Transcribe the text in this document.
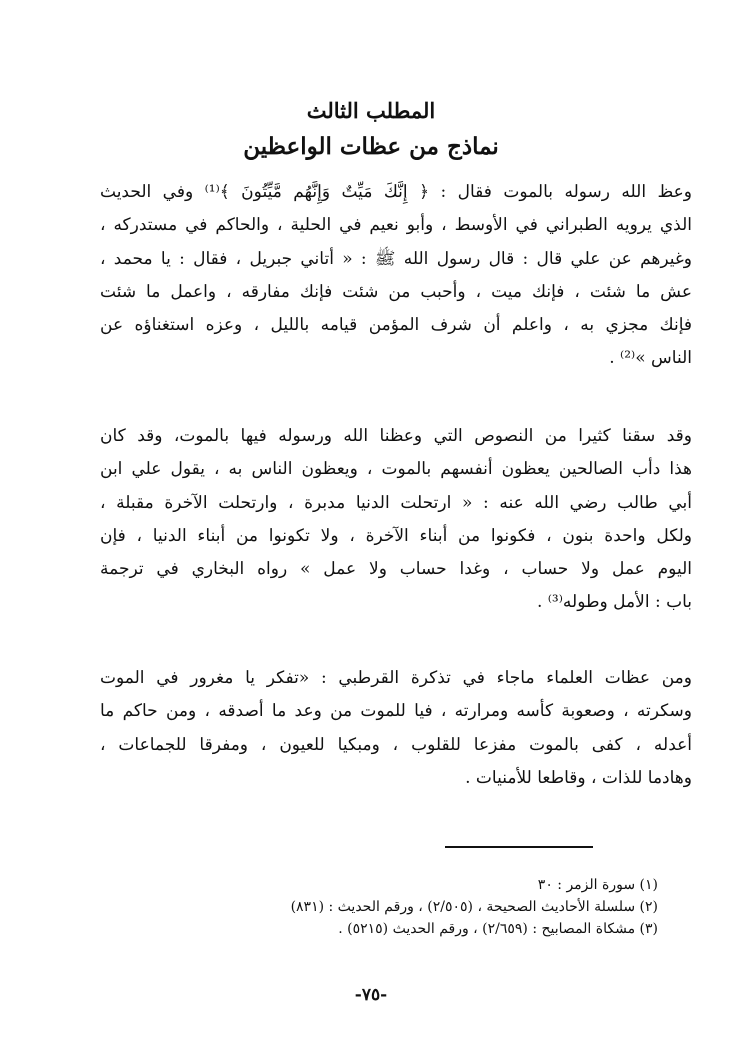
المطلب الثالث
نماذج من عظات الواعظين
وعظ الله رسوله بالموت فقال : ﴿ إِنَّكَ مَيِّتٌ وَإِنَّهُم مَّيِّتُونَ ﴾⁽¹⁾ وفي الحديث
الذي يرويه الطبراني في الأوسط ، وأبو نعيم في الحلية ، والحاكم في مستدركه ،
وغيرهم عن علي قال : قال رسول الله ﷺ : « أتاني جبريل ، فقال : يا محمد ،
عش ما شئت ، فإنك ميت ، وأحبب من شئت فإنك مفارقه ، واعمل ما شئت
فإنك مجزي به ، واعلم أن شرف المؤمن قيامه بالليل ، وعزه استغناؤه عن
الناس »⁽²⁾ .
وقد سقنا كثيرا من النصوص التي وعظنا الله ورسوله فيها بالموت، وقد كان
هذا دأب الصالحين يعظون أنفسهم بالموت ، ويعظون الناس به ، يقول علي ابن
أبي طالب رضي الله عنه : « ارتحلت الدنيا مدبرة ، وارتحلت الآخرة مقبلة ،
ولكل واحدة بنون ، فكونوا من أبناء الآخرة ، ولا تكونوا من أبناء الدنيا ، فإن
اليوم عمل ولا حساب ، وغدا حساب ولا عمل » رواه البخاري في ترجمة
باب : الأمل وطوله⁽³⁾ .
ومن عظات العلماء ماجاء في تذكرة القرطبي : «تفكر يا مغرور في الموت
وسكرته ، وصعوبة كأسه ومرارته ، فيا للموت من وعد ما أصدقه ، ومن حاكم ما
أعدله ، كفى بالموت مفزعا للقلوب ، ومبكيا للعيون ، ومفرقا للجماعات ،
وهادما للذات ، وقاطعا للأمنيات .
(١) سورة الزمر : ٣٠
(٢) سلسلة الأحاديث الصحيحة ، (٢/٥٠٥) ، ورقم الحديث : (٨٣١)
(٣) مشكاة المصابيح : (٢/٦٥٩) ، ورقم الحديث (٥٢١٥) .
-٧٥-
